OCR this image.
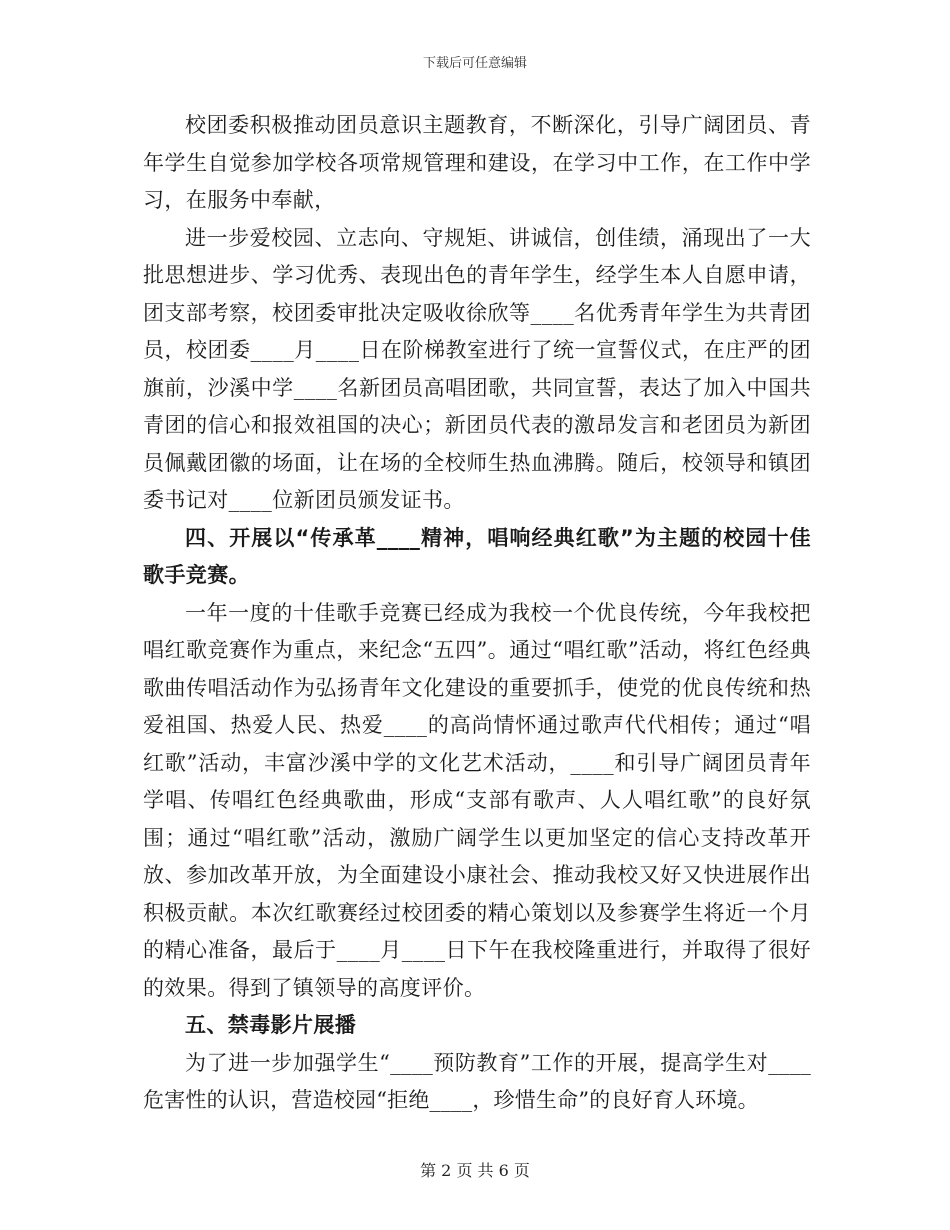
下载后可任意编辑

校团委积极推动团员意识主题教育，不断深化，引导广阔团员、青年学生自觉参加学校各项常规管理和建设，在学习中工作，在工作中学习，在服务中奉献，

进一步爱校园、立志向、守规矩、讲诚信，创佳绩，涌现出了一大批思想进步、学习优秀、表现出色的青年学生，经学生本人自愿申请，团支部考察，校团委审批决定吸收徐欣等____名优秀青年学生为共青团员，校团委____月____日在阶梯教室进行了统一宣誓仪式，在庄严的团旗前，沙溪中学____名新团员高唱团歌，共同宣誓，表达了加入中国共青团的信心和报效祖国的决心；新团员代表的激昂发言和老团员为新团员佩戴团徽的场面，让在场的全校师生热血沸腾。随后，校领导和镇团委书记对____位新团员颁发证书。

四、开展以“传承革____精神，唱响经典红歌”为主题的校园十佳歌手竞赛。

一年一度的十佳歌手竞赛已经成为我校一个优良传统，今年我校把唱红歌竞赛作为重点，来纪念“五四”。通过“唱红歌”活动，将红色经典歌曲传唱活动作为弘扬青年文化建设的重要抓手，使党的优良传统和热爱祖国、热爱人民、热爱____的高尚情怀通过歌声代代相传；通过“唱红歌”活动，丰富沙溪中学的文化艺术活动，____和引导广阔团员青年学唱、传唱红色经典歌曲，形成“支部有歌声、人人唱红歌”的良好氛围；通过“唱红歌”活动，激励广阔学生以更加坚定的信心支持改革开放、参加改革开放，为全面建设小康社会、推动我校又好又快进展作出积极贡献。本次红歌赛经过校团委的精心策划以及参赛学生将近一个月的精心准备，最后于____月____日下午在我校隆重进行，并取得了很好的效果。得到了镇领导的高度评价。

五、禁毒影片展播

为了进一步加强学生“____预防教育”工作的开展，提高学生对____危害性的认识，营造校园“拒绝____，珍惜生命”的良好育人环境。

第 2 页 共 6 页
